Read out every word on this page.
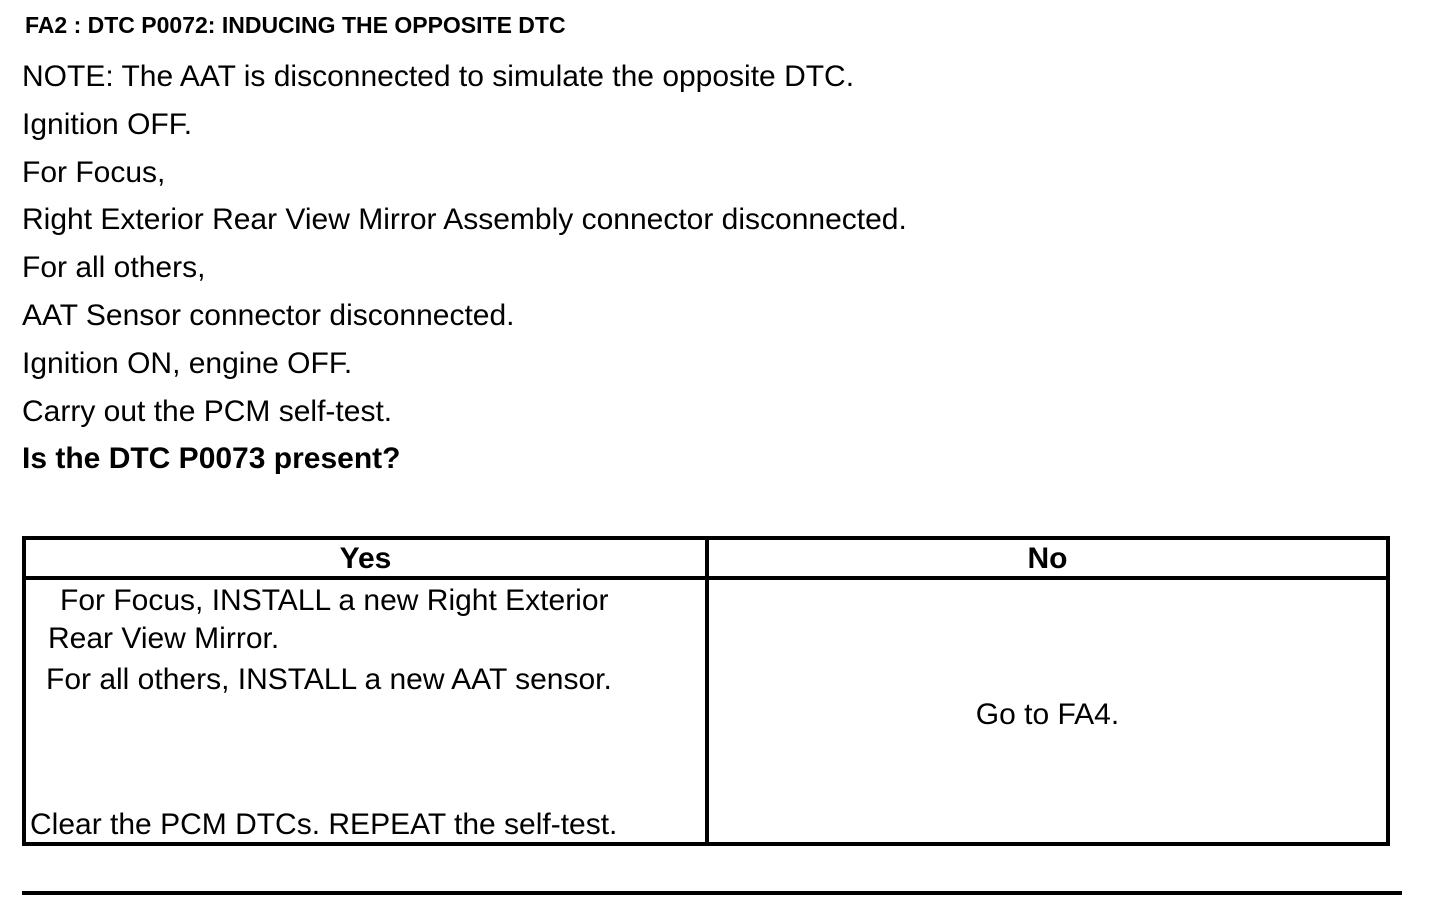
FA2 : DTC P0072: INDUCING THE OPPOSITE DTC
NOTE: The AAT is disconnected to simulate the opposite DTC.
Ignition OFF.
For Focus,
Right Exterior Rear View Mirror Assembly connector disconnected.
For all others,
AAT Sensor connector disconnected.
Ignition ON, engine OFF.
Carry out the PCM self-test.
Is the DTC P0073 present?
Yes	No
For Focus, INSTALL a new Right Exterior
Rear View Mirror.
For all others, INSTALL a new AAT sensor.
Clear the PCM DTCs. REPEAT the self-test.
Go to FA4.
